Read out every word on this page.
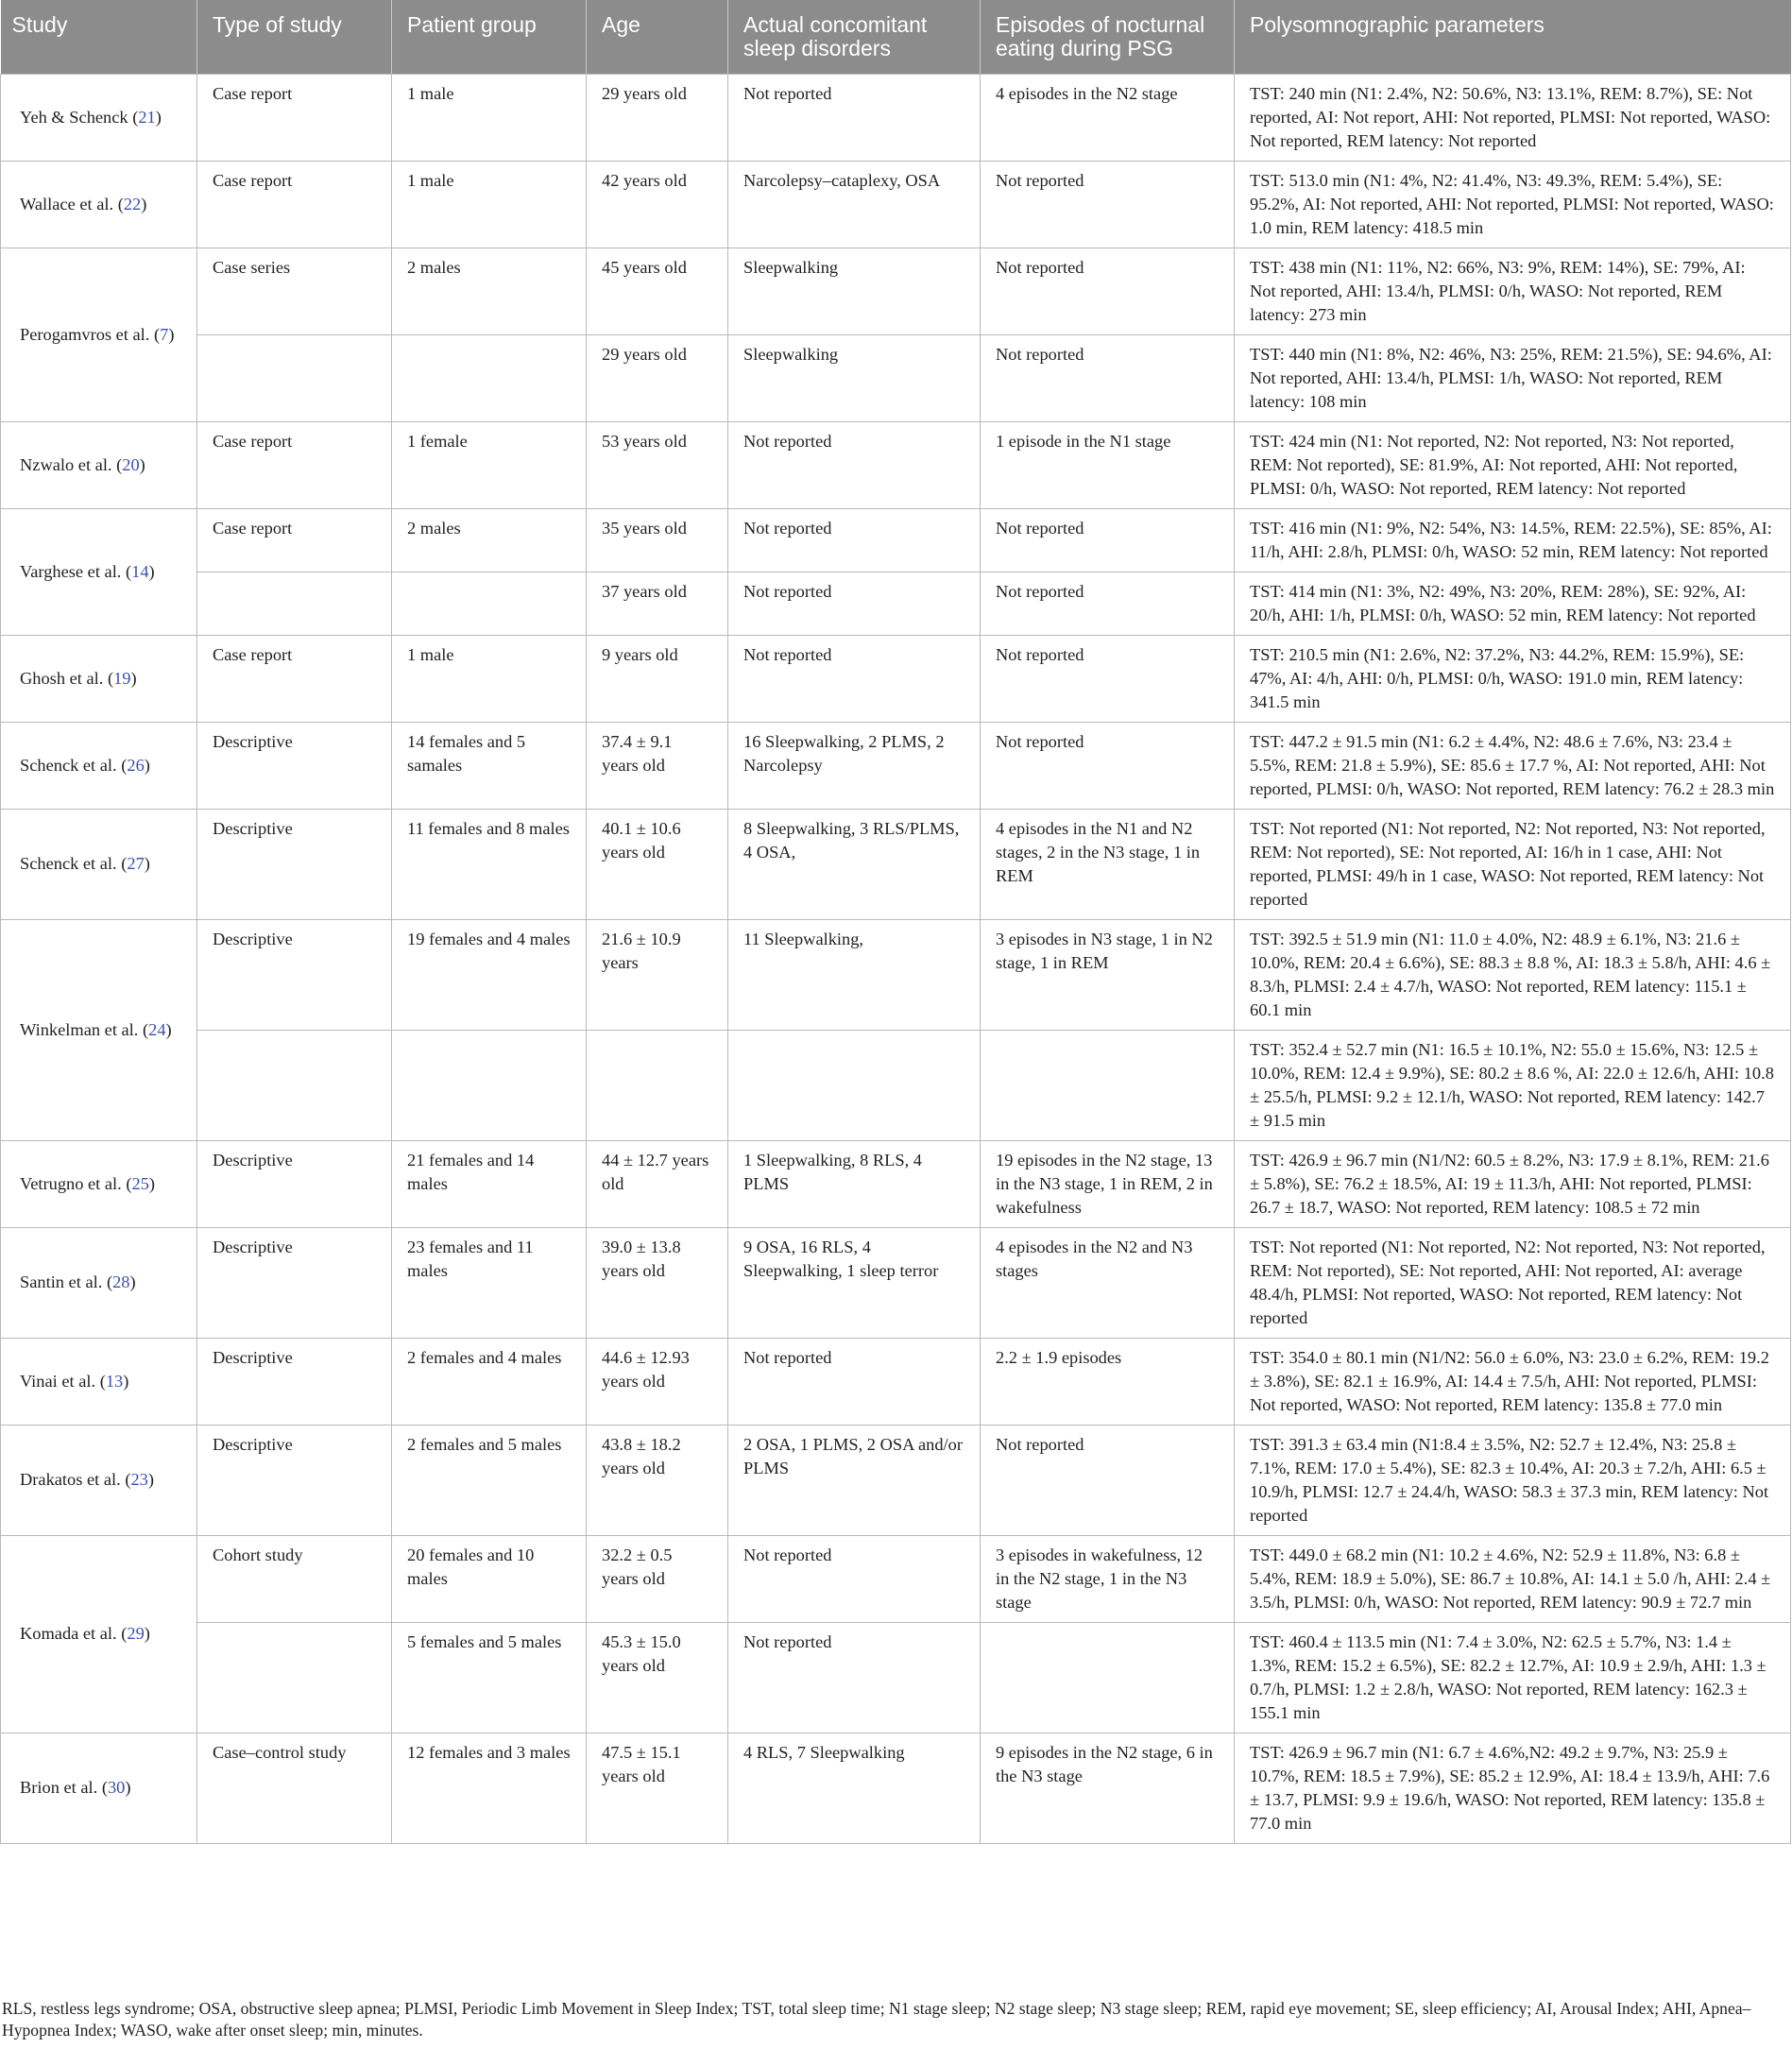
Study	Type of study	Patient group	Age	Actual concomitant sleep disorders	Episodes of nocturnal eating during PSG	Polysomnographic parameters
Yeh & Schenck (21)	Case report	1 male	29 years old	Not reported	4 episodes in the N2 stage	TST: 240 min (N1: 2.4%, N2: 50.6%, N3: 13.1%, REM: 8.7%), SE: Not reported, AI: Not report, AHI: Not reported, PLMSI: Not reported, WASO: Not reported, REM latency: Not reported
Wallace et al. (22)	Case report	1 male	42 years old	Narcolepsy–cataplexy, OSA	Not reported	TST: 513.0 min (N1: 4%, N2: 41.4%, N3: 49.3%, REM: 5.4%), SE: 95.2%, AI: Not reported, AHI: Not reported, PLMSI: Not reported, WASO: 1.0 min, REM latency: 418.5 min
Perogamvros et al. (7)	Case series	2 males	45 years old	Sleepwalking	Not reported	TST: 438 min (N1: 11%, N2: 66%, N3: 9%, REM: 14%), SE: 79%, AI: Not reported, AHI: 13.4/h, PLMSI: 0/h, WASO: Not reported, REM latency: 273 min
			29 years old	Sleepwalking	Not reported	TST: 440 min (N1: 8%, N2: 46%, N3: 25%, REM: 21.5%), SE: 94.6%, AI: Not reported, AHI: 13.4/h, PLMSI: 1/h, WASO: Not reported, REM latency: 108 min
Nzwalo et al. (20)	Case report	1 female	53 years old	Not reported	1 episode in the N1 stage	TST: 424 min (N1: Not reported, N2: Not reported, N3: Not reported, REM: Not reported), SE: 81.9%, AI: Not reported, AHI: Not reported, PLMSI: 0/h, WASO: Not reported, REM latency: Not reported
Varghese et al. (14)	Case report	2 males	35 years old	Not reported	Not reported	TST: 416 min (N1: 9%, N2: 54%, N3: 14.5%, REM: 22.5%), SE: 85%, AI: 11/h, AHI: 2.8/h, PLMSI: 0/h, WASO: 52 min, REM latency: Not reported
			37 years old	Not reported	Not reported	TST: 414 min (N1: 3%, N2: 49%, N3: 20%, REM: 28%), SE: 92%, AI: 20/h, AHI: 1/h, PLMSI: 0/h, WASO: 52 min, REM latency: Not reported
Ghosh et al. (19)	Case report	1 male	9 years old	Not reported	Not reported	TST: 210.5 min (N1: 2.6%, N2: 37.2%, N3: 44.2%, REM: 15.9%), SE: 47%, AI: 4/h, AHI: 0/h, PLMSI: 0/h, WASO: 191.0 min, REM latency: 341.5 min
Schenck et al. (26)	Descriptive	14 females and 5 samales	37.4 ± 9.1 years old	16 Sleepwalking, 2 PLMS, 2 Narcolepsy	Not reported	TST: 447.2 ± 91.5 min (N1: 6.2 ± 4.4%, N2: 48.6 ± 7.6%, N3: 23.4 ± 5.5%, REM: 21.8 ± 5.9%), SE: 85.6 ± 17.7 %, AI: Not reported, AHI: Not reported, PLMSI: 0/h, WASO: Not reported, REM latency: 76.2 ± 28.3 min
Schenck et al. (27)	Descriptive	11 females and 8 males	40.1 ± 10.6 years old	8 Sleepwalking, 3 RLS/PLMS, 4 OSA,	4 episodes in the N1 and N2 stages, 2 in the N3 stage, 1 in REM	TST: Not reported (N1: Not reported, N2: Not reported, N3: Not reported, REM: Not reported), SE: Not reported, AI: 16/h in 1 case, AHI: Not reported, PLMSI: 49/h in 1 case, WASO: Not reported, REM latency: Not reported
Winkelman et al. (24)	Descriptive	19 females and 4 males	21.6 ± 10.9 years	11 Sleepwalking,	3 episodes in N3 stage, 1 in N2 stage, 1 in REM	TST: 392.5 ± 51.9 min (N1: 11.0 ± 4.0%, N2: 48.9 ± 6.1%, N3: 21.6 ± 10.0%, REM: 20.4 ± 6.6%), SE: 88.3 ± 8.8 %, AI: 18.3 ± 5.8/h, AHI: 4.6 ± 8.3/h, PLMSI: 2.4 ± 4.7/h, WASO: Not reported, REM latency: 115.1 ± 60.1 min
						TST: 352.4 ± 52.7 min (N1: 16.5 ± 10.1%, N2: 55.0 ± 15.6%, N3: 12.5 ± 10.0%, REM: 12.4 ± 9.9%), SE: 80.2 ± 8.6 %, AI: 22.0 ± 12.6/h, AHI: 10.8 ± 25.5/h, PLMSI: 9.2 ± 12.1/h, WASO: Not reported, REM latency: 142.7 ± 91.5 min
Vetrugno et al. (25)	Descriptive	21 females and 14 males	44 ± 12.7 years old	1 Sleepwalking, 8 RLS, 4 PLMS	19 episodes in the N2 stage, 13 in the N3 stage, 1 in REM, 2 in wakefulness	TST: 426.9 ± 96.7 min (N1/N2: 60.5 ± 8.2%, N3: 17.9 ± 8.1%, REM: 21.6 ± 5.8%), SE: 76.2 ± 18.5%, AI: 19 ± 11.3/h, AHI: Not reported, PLMSI: 26.7 ± 18.7, WASO: Not reported, REM latency: 108.5 ± 72 min
Santin et al. (28)	Descriptive	23 females and 11 males	39.0 ± 13.8 years old	9 OSA, 16 RLS, 4 Sleepwalking, 1 sleep terror	4 episodes in the N2 and N3 stages	TST: Not reported (N1: Not reported, N2: Not reported, N3: Not reported, REM: Not reported), SE: Not reported, AHI: Not reported, AI: average 48.4/h, PLMSI: Not reported, WASO: Not reported, REM latency: Not reported
Vinai et al. (13)	Descriptive	2 females and 4 males	44.6 ± 12.93 years old	Not reported	2.2 ± 1.9 episodes	TST: 354.0 ± 80.1 min (N1/N2: 56.0 ± 6.0%, N3: 23.0 ± 6.2%, REM: 19.2 ± 3.8%), SE: 82.1 ± 16.9%, AI: 14.4 ± 7.5/h, AHI: Not reported, PLMSI: Not reported, WASO: Not reported, REM latency: 135.8 ± 77.0 min
Drakatos et al. (23)	Descriptive	2 females and 5 males	43.8 ± 18.2 years old	2 OSA, 1 PLMS, 2 OSA and/or PLMS	Not reported	TST: 391.3 ± 63.4 min (N1:8.4 ± 3.5%, N2: 52.7 ± 12.4%, N3: 25.8 ± 7.1%, REM: 17.0 ± 5.4%), SE: 82.3 ± 10.4%, AI: 20.3 ± 7.2/h, AHI: 6.5 ± 10.9/h, PLMSI: 12.7 ± 24.4/h, WASO: 58.3 ± 37.3 min, REM latency: Not reported
Komada et al. (29)	Cohort study	20 females and 10 males	32.2 ± 0.5 years old	Not reported	3 episodes in wakefulness, 12 in the N2 stage, 1 in the N3 stage	TST: 449.0 ± 68.2 min (N1: 10.2 ± 4.6%, N2: 52.9 ± 11.8%, N3: 6.8 ± 5.4%, REM: 18.9 ± 5.0%), SE: 86.7 ± 10.8%, AI: 14.1 ± 5.0 /h, AHI: 2.4 ± 3.5/h, PLMSI: 0/h, WASO: Not reported, REM latency: 90.9 ± 72.7 min
		5 females and 5 males	45.3 ± 15.0 years old	Not reported		TST: 460.4 ± 113.5 min (N1: 7.4 ± 3.0%, N2: 62.5 ± 5.7%, N3: 1.4 ± 1.3%, REM: 15.2 ± 6.5%), SE: 82.2 ± 12.7%, AI: 10.9 ± 2.9/h, AHI: 1.3 ± 0.7/h, PLMSI: 1.2 ± 2.8/h, WASO: Not reported, REM latency: 162.3 ± 155.1 min
Brion et al. (30)	Case–control study	12 females and 3 males	47.5 ± 15.1 years old	4 RLS, 7 Sleepwalking	9 episodes in the N2 stage, 6 in the N3 stage	TST: 426.9 ± 96.7 min (N1: 6.7 ± 4.6%,N2: 49.2 ± 9.7%, N3: 25.9 ± 10.7%, REM: 18.5 ± 7.9%), SE: 85.2 ± 12.9%, AI: 18.4 ± 13.9/h, AHI: 7.6 ± 13.7, PLMSI: 9.9 ± 19.6/h, WASO: Not reported, REM latency: 135.8 ± 77.0 min
RLS, restless legs syndrome; OSA, obstructive sleep apnea; PLMSI, Periodic Limb Movement in Sleep Index; TST, total sleep time; N1 stage sleep; N2 stage sleep; N3 stage sleep; REM, rapid eye movement; SE, sleep efficiency; AI, Arousal Index; AHI, Apnea–Hypopnea Index; WASO, wake after onset sleep; min, minutes.
